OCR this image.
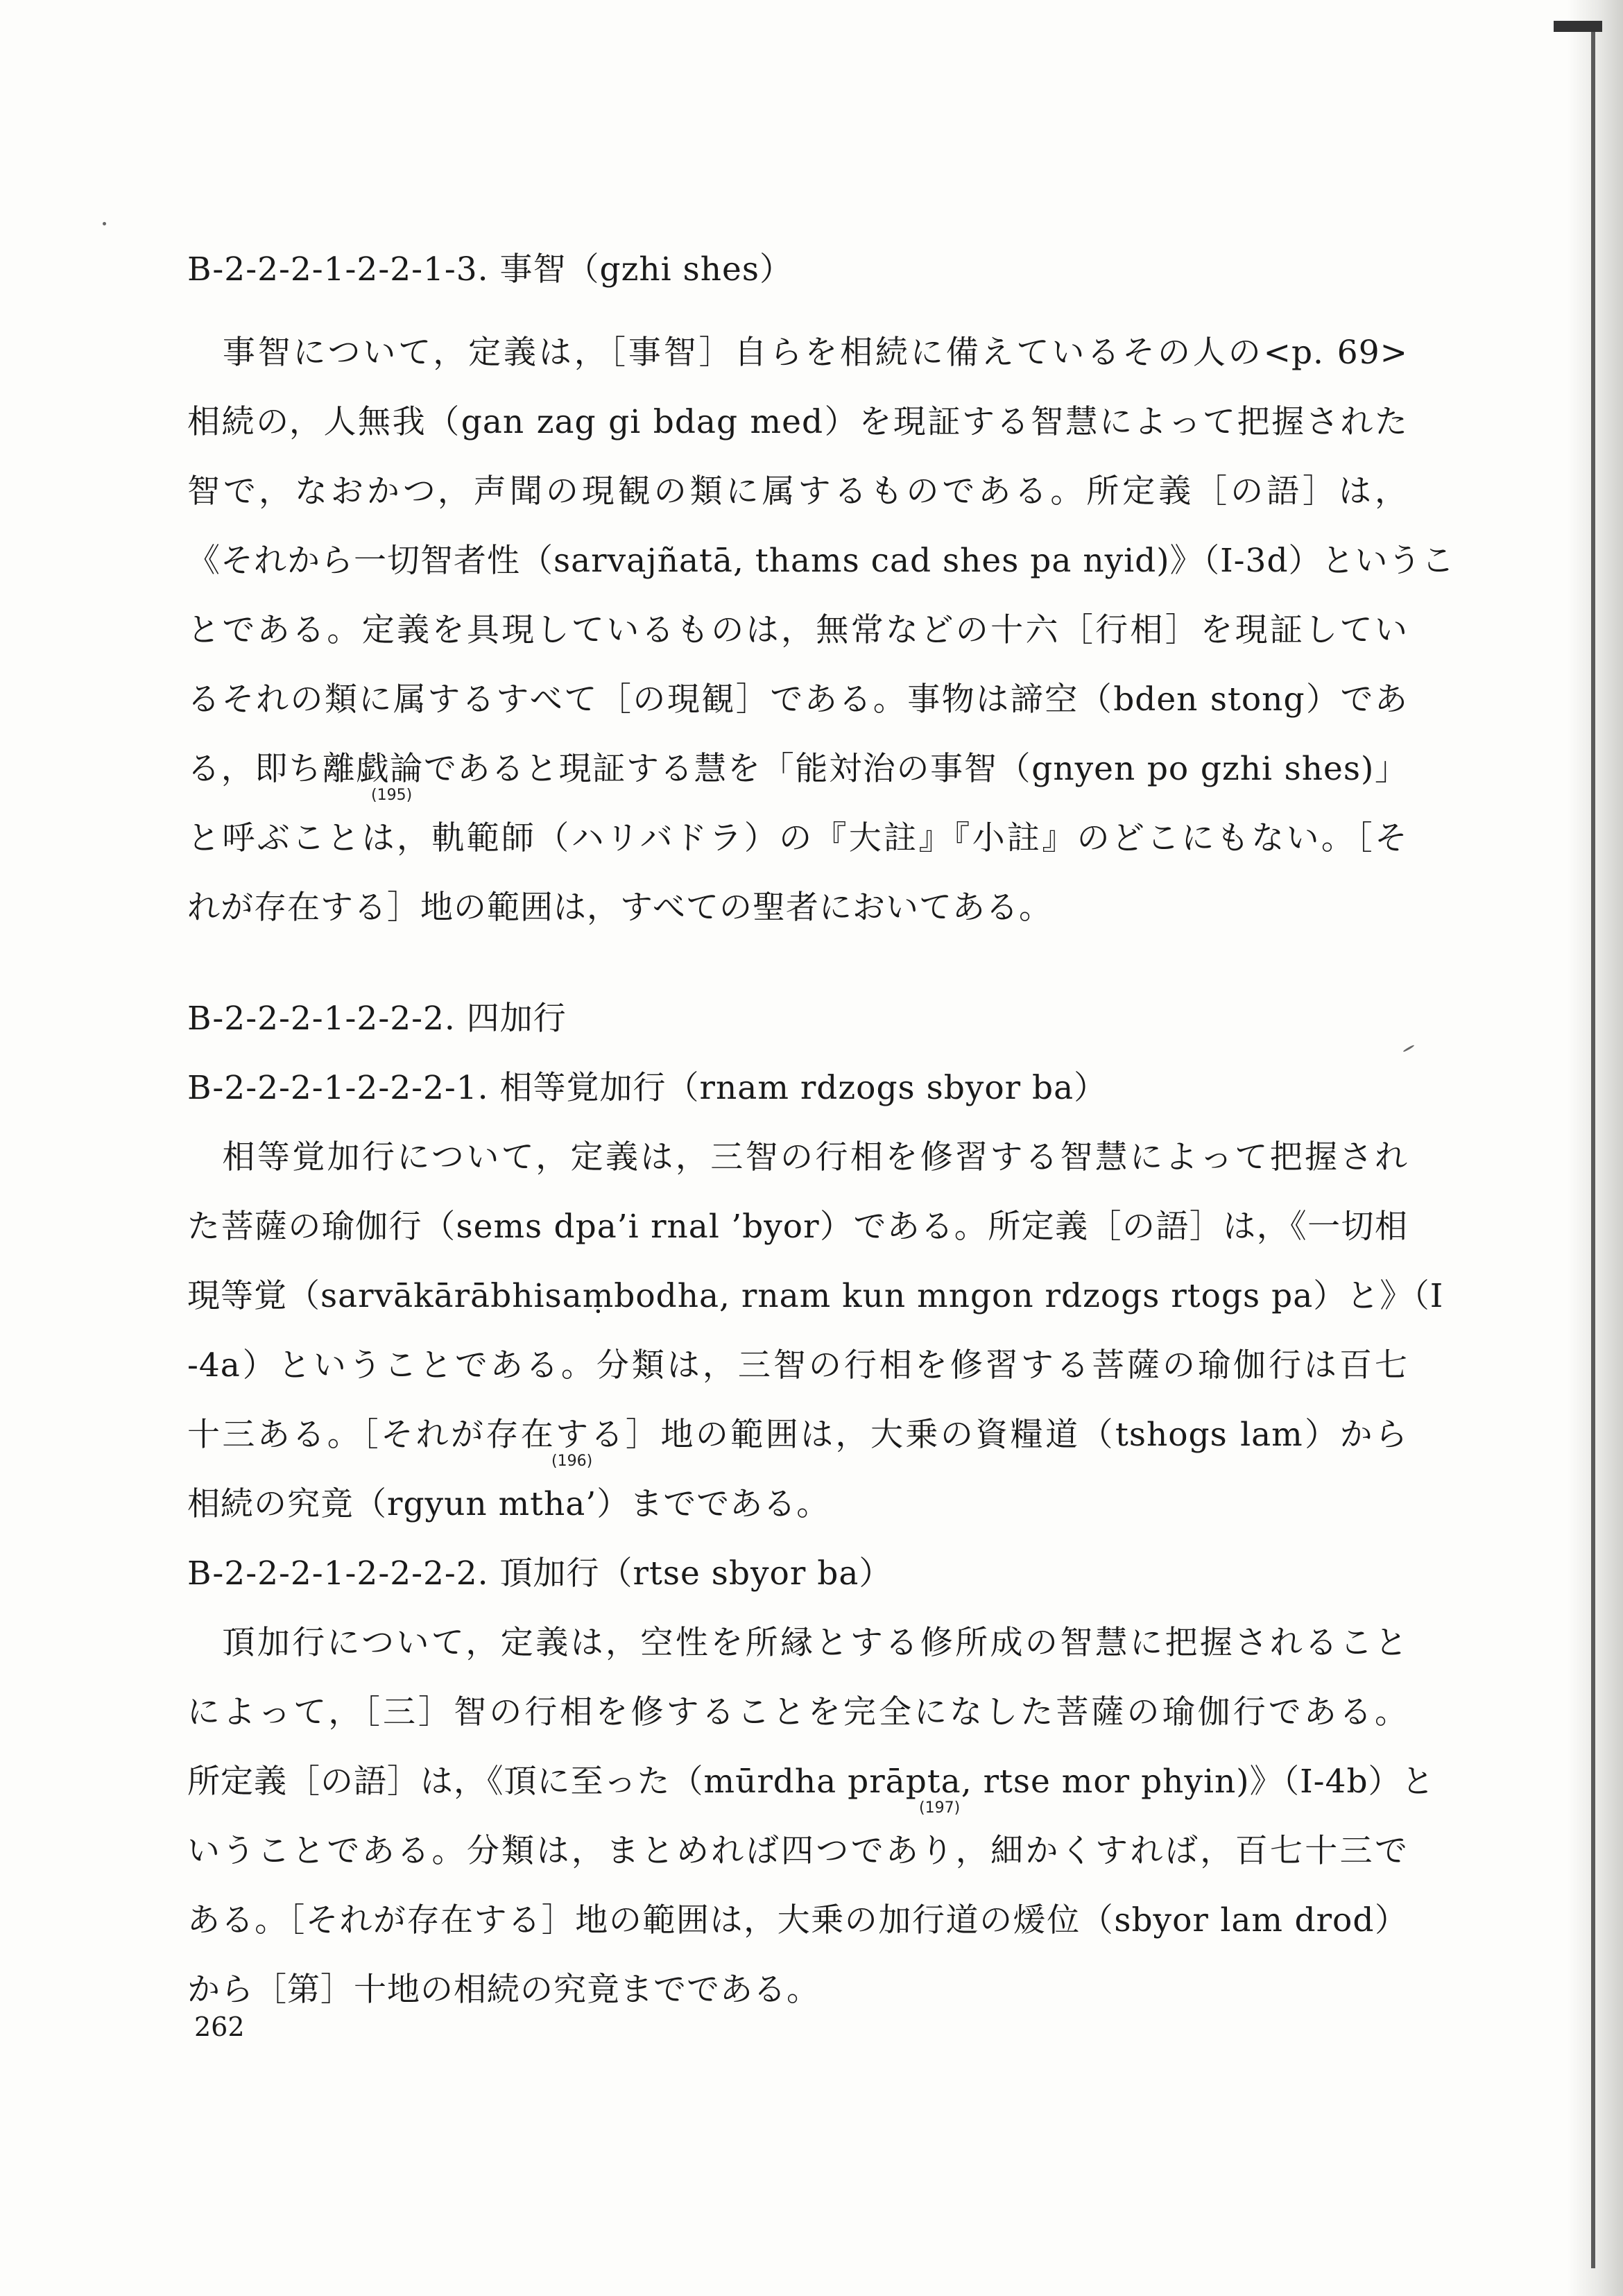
B-2-2-2-1-2-2-1-3. 事智（gzhi shes）
　事智について，定義は，［事智］自らを相続に備えているその人の<p. 69>
相続の，人無我（gan zag gi bdag med）を現証する智慧によって把握された
智で，なおかつ，声聞の現観の類に属するものである。所定義［の語］は，
《それから一切智者性（sarvajñatā, thams cad shes pa nyid)》（I-3d）というこ
とである。定義を具現しているものは，無常などの十六［行相］を現証してい
るそれの類に属するすべて［の現観］である。事物は諦空（bden stong）であ
る，即ち離戯論であると現証する慧を「能対治の事智（gnyen po gzhi shes)」
と呼ぶことは，軌範師（ハリバドラ）の『大註』『小註』のどこにもない。［そ
れが存在する］地の範囲は，すべての聖者においてある。
B-2-2-2-1-2-2-2. 四加行
B-2-2-2-1-2-2-2-1. 相等覚加行（rnam rdzogs sbyor ba）
　相等覚加行について，定義は，三智の行相を修習する智慧によって把握され
た菩薩の瑜伽行（sems dpa’i rnal ’byor）である。所定義［の語］は，《一切相
現等覚（sarvākārābhisaṃbodha, rnam kun mngon rdzogs rtogs pa）と》（I
-4a）ということである。分類は，三智の行相を修習する菩薩の瑜伽行は百七
十三ある。［それが存在する］地の範囲は，大乗の資糧道（tshogs lam）から
相続の究竟（rgyun mtha’）までである。
B-2-2-2-1-2-2-2-2. 頂加行（rtse sbyor ba）
　頂加行について，定義は，空性を所縁とする修所成の智慧に把握されること
によって，［三］智の行相を修することを完全になした菩薩の瑜伽行である。
所定義［の語］は，《頂に至った（mūrdha prāpta, rtse mor phyin)》（I-4b）と
いうことである。分類は，まとめれば四つであり，細かくすれば，百七十三で
ある。［それが存在する］地の範囲は，大乗の加行道の煖位（sbyor lam drod）
から［第］十地の相続の究竟までである。
(195)
(196)
(197)
262
